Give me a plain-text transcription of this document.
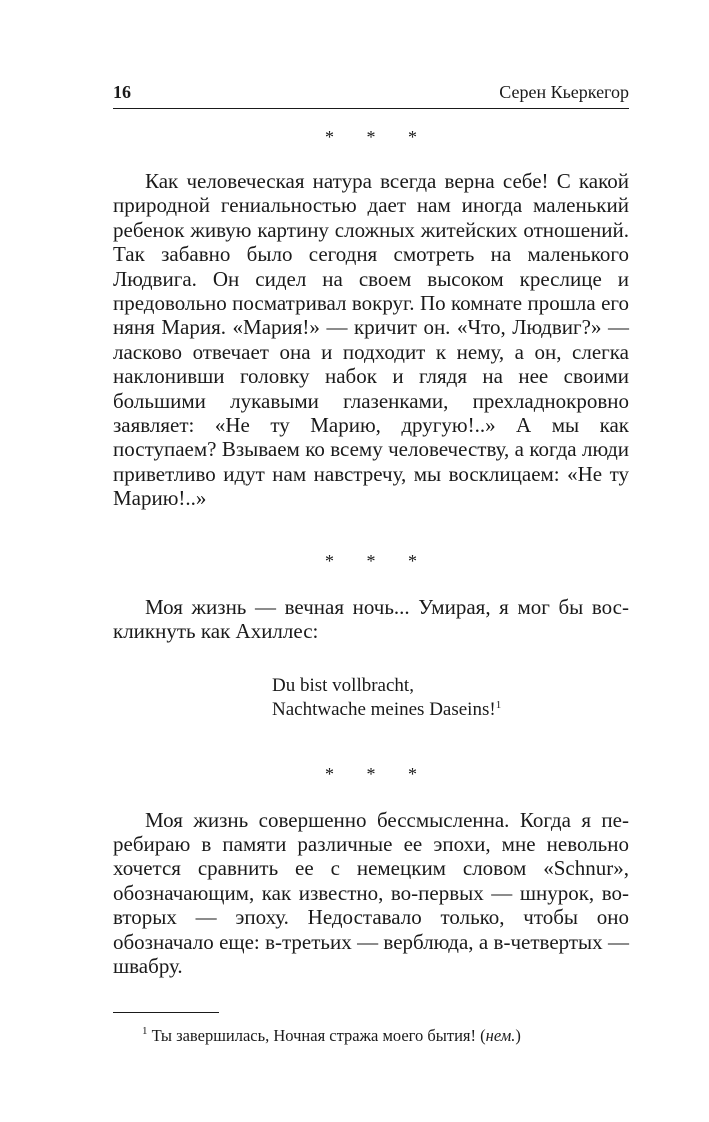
16	Серен Кьеркегор
* * *

Как человеческая натура всегда верна себе! С какой природной гениальностью дает нам иногда маленький ребенок живую картину сложных житейских отношений. Так забавно было сегодня смотреть на маленького Людвига. Он сидел на своем высоком креслице и предовольно посматривал вокруг. По комнате прошла его няня Мария. «Мария!» — кричит он. «Что, Людвиг?» — ласково отвечает она и подходит к нему, а он, слегка наклонивши головку набок и глядя на нее своими большими лукавыми глазенками, прехладнокровно заявляет: «Не ту Марию, другую!..» А мы как поступаем? Взываем ко всему человечеству, а когда люди приветливо идут нам навстречу, мы восклицаем: «Не ту Марию!..»

* * *

Моя жизнь — вечная ночь... Умирая, я мог бы воскликнуть как Ахиллес:

Du bist vollbracht,
Nachtwache meines Daseins!$^1$
* * *

Моя жизнь совершенно бессмысленна. Когда я перебираю в памяти различные ее эпохи, мне невольно хочется сравнить ее с немецким словом «Schnur», обозначающим, как известно, во-первых — шнурок, во-вторых — эпоху. Недоставало только, чтобы оно обозначало еще: в-третьих — верблюда, а в-четвертых — швабру.

$^1$ Ты завершилась, Ночная стража моего бытия! (нем.)
